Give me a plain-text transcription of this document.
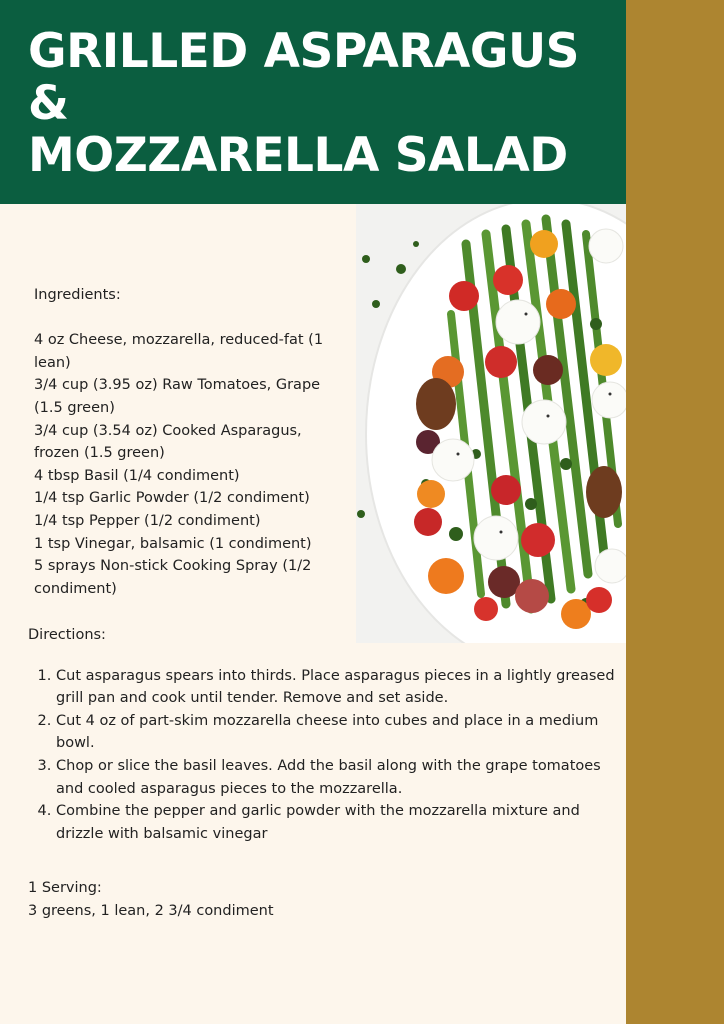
GRILLED ASPARAGUS &
MOZZARELLA SALAD
Ingredients:
4 oz Cheese, mozzarella, reduced-fat (1 lean)
3/4 cup (3.95 oz) Raw Tomatoes, Grape (1.5 green)
3/4 cup (3.54 oz) Cooked Asparagus, frozen (1.5 green)
4 tbsp Basil (1/4 condiment)
1/4 tsp Garlic Powder (1/2 condiment)
1/4 tsp Pepper (1/2 condiment)
1 tsp Vinegar, balsamic (1 condiment)
5 sprays Non-stick Cooking Spray (1/2 condiment)
Directions:
1. Cut asparagus spears into thirds. Place asparagus pieces in a lightly greased grill pan and cook until tender. Remove and set aside.
2. Cut 4 oz of part-skim mozzarella cheese into cubes and place in a medium bowl.
3. Chop or slice the basil leaves. Add the basil along with the grape tomatoes and cooled asparagus pieces to the mozzarella.
4. Combine the pepper and garlic powder with the mozzarella mixture and drizzle with balsamic vinegar
1 Serving:
3 greens, 1 lean, 2 3/4 condiment
